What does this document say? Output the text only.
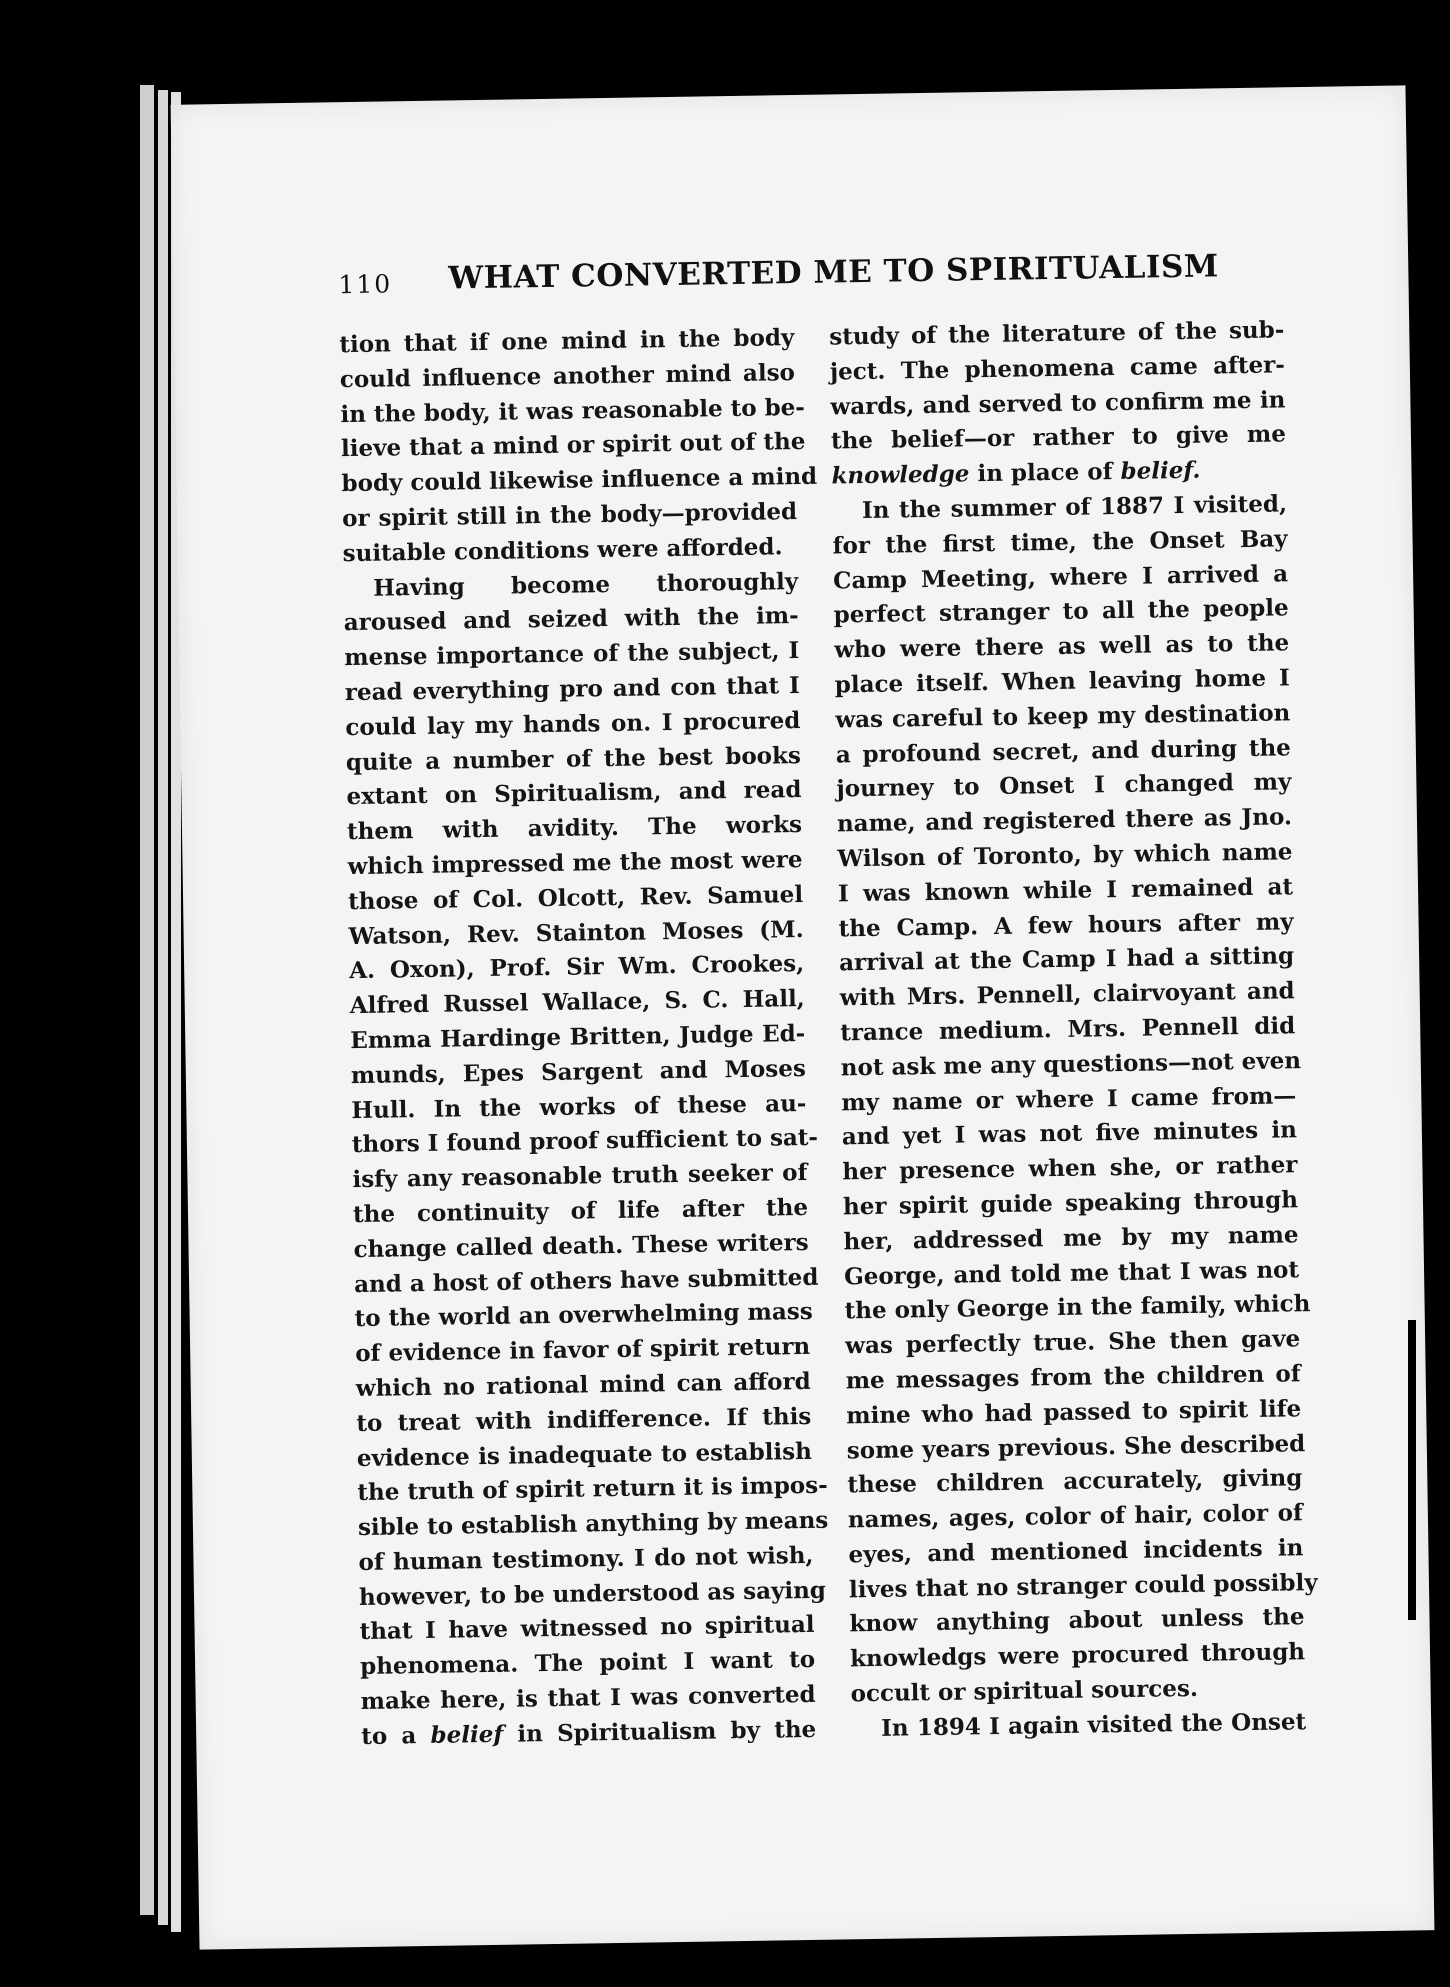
110 WHAT CONVERTED ME TO SPIRITUALISM
tion that if one mind in the body
could influence another mind also
in the body, it was reasonable to be-
lieve that a mind or spirit out of the
body could likewise influence a mind
or spirit still in the body—provided
suitable conditions were afforded.
Having become thoroughly
aroused and seized with the im-
mense importance of the subject, I
read everything pro and con that I
could lay my hands on. I procured
quite a number of the best books
extant on Spiritualism, and read
them with avidity. The works
which impressed me the most were
those of Col. Olcott, Rev. Samuel
Watson, Rev. Stainton Moses (M.
A. Oxon), Prof. Sir Wm. Crookes,
Alfred Russel Wallace, S. C. Hall,
Emma Hardinge Britten, Judge Ed-
munds, Epes Sargent and Moses
Hull. In the works of these au-
thors I found proof sufficient to sat-
isfy any reasonable truth seeker of
the continuity of life after the
change called death. These writers
and a host of others have submitted
to the world an overwhelming mass
of evidence in favor of spirit return
which no rational mind can afford
to treat with indifference. If this
evidence is inadequate to establish
the truth of spirit return it is impos-
sible to establish anything by means
of human testimony. I do not wish,
however, to be understood as saying
that I have witnessed no spiritual
phenomena. The point I want to
make here, is that I was converted
to a belief in Spiritualism by the
study of the literature of the sub-
ject. The phenomena came after-
wards, and served to confirm me in
the belief—or rather to give me
knowledge in place of belief.
In the summer of 1887 I visited,
for the first time, the Onset Bay
Camp Meeting, where I arrived a
perfect stranger to all the people
who were there as well as to the
place itself. When leaving home I
was careful to keep my destination
a profound secret, and during the
journey to Onset I changed my
name, and registered there as Jno.
Wilson of Toronto, by which name
I was known while I remained at
the Camp. A few hours after my
arrival at the Camp I had a sitting
with Mrs. Pennell, clairvoyant and
trance medium. Mrs. Pennell did
not ask me any questions—not even
my name or where I came from—
and yet I was not five minutes in
her presence when she, or rather
her spirit guide speaking through
her, addressed me by my name
George, and told me that I was not
the only George in the family, which
was perfectly true. She then gave
me messages from the children of
mine who had passed to spirit life
some years previous. She described
these children accurately, giving
names, ages, color of hair, color of
eyes, and mentioned incidents in
lives that no stranger could possibly
know anything about unless the
knowledgs were procured through
occult or spiritual sources.
In 1894 I again visited the Onset
